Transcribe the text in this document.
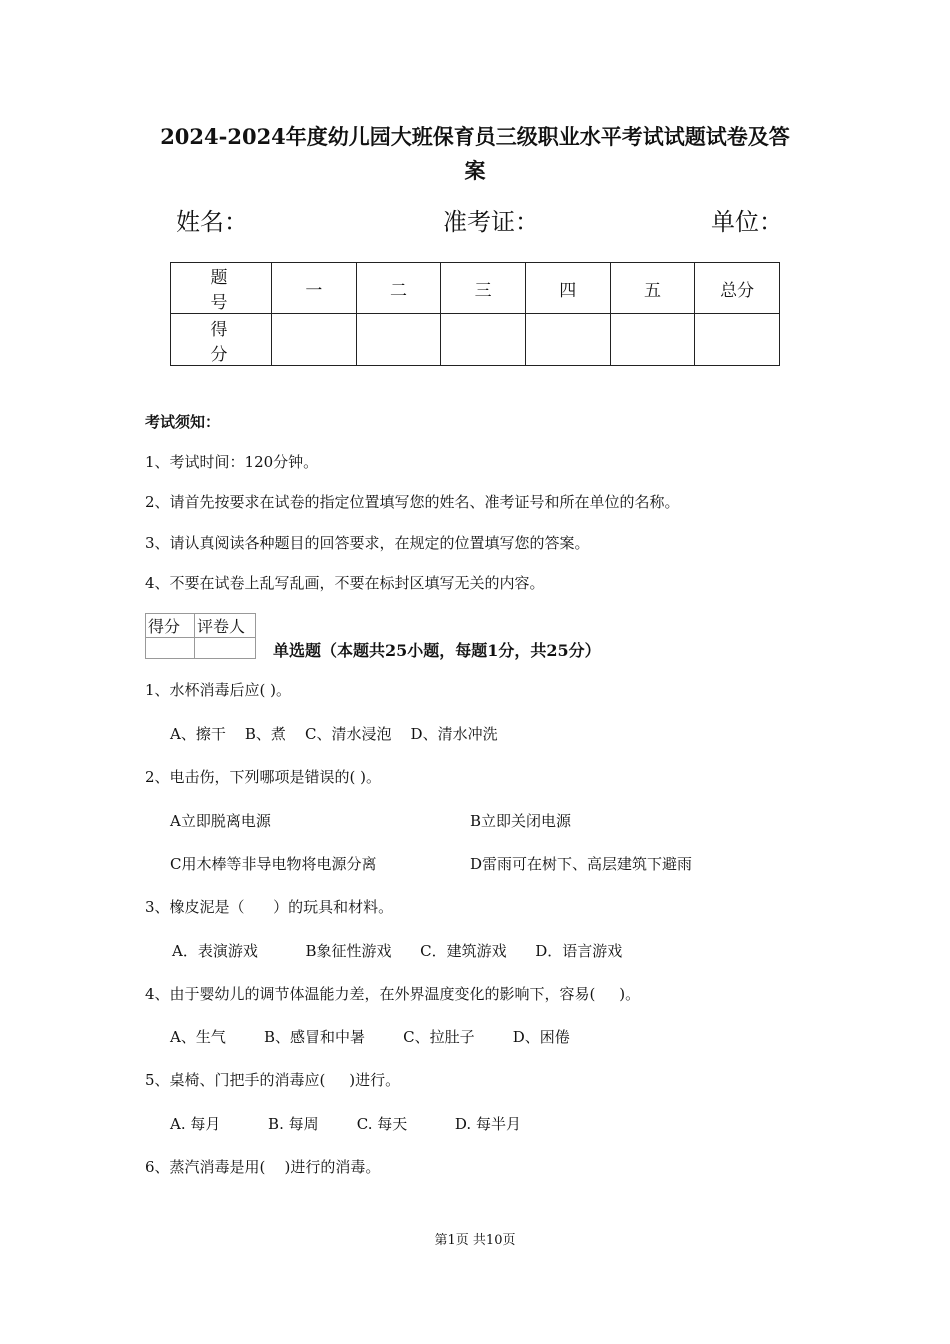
2024-2024年度幼儿园大班保育员三级职业水平考试试题试卷及答
案
姓名：	准考证：	单位：
题 号	一	二	三	四	五	总分
得 分						
考试须知：
1、考试时间：120分钟。
2、请首先按要求在试卷的指定位置填写您的姓名、准考证号和所在单位的名称。
3、请认真阅读各种题目的回答要求，在规定的位置填写您的答案。
4、不要在试卷上乱写乱画，不要在标封区填写无关的内容。
得分	评卷人

单选题（本题共25小题，每题1分，共25分）
1、水杯消毒后应( )。
A、擦干    B、煮    C、清水浸泡    D、清水冲洗
2、电击伤，下列哪项是错误的( )。
A立即脱离电源	B立即关闭电源
C用木棒等非导电物将电源分离	D雷雨可在树下、高层建筑下避雨
3、橡皮泥是（      ）的玩具和材料。
A．表演游戏          B象征性游戏      C．建筑游戏      D．语言游戏
4、由于婴幼儿的调节体温能力差，在外界温度变化的影响下，容易(     )。
A、生气        B、感冒和中暑        C、拉肚子        D、困倦
5、桌椅、门把手的消毒应(     )进行。
A. 每月          B. 每周        C. 每天          D. 每半月
6、蒸汽消毒是用(    )进行的消毒。
第1页 共10页
